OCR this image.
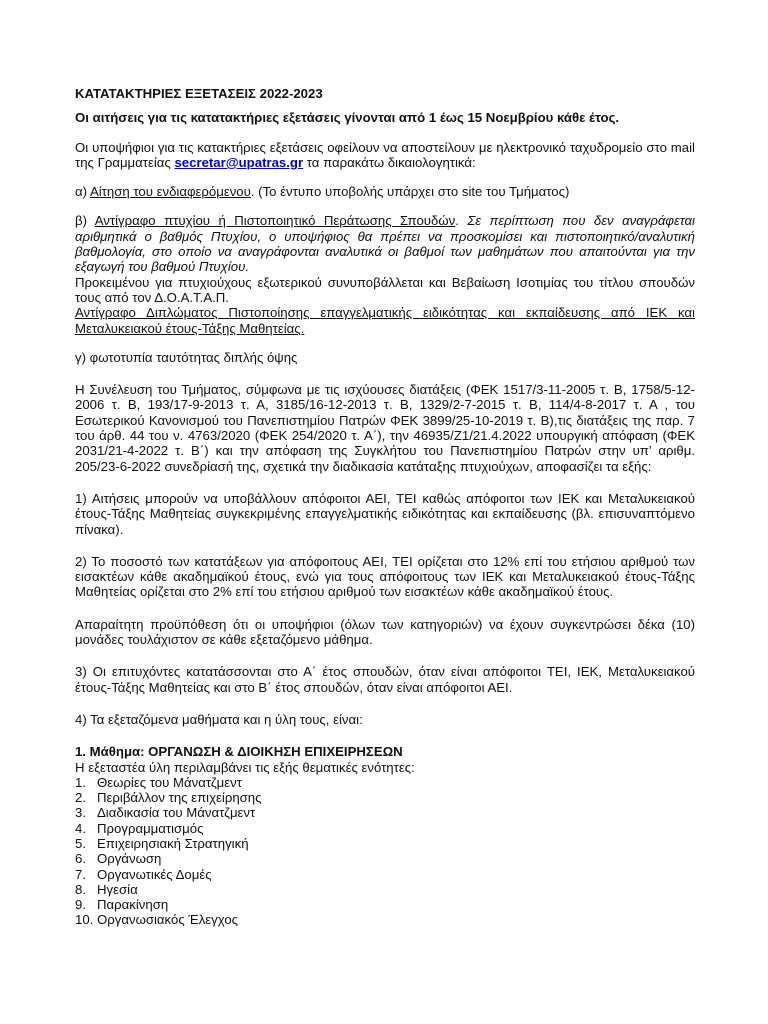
ΚΑΤΑΤΑΚΤΗΡΙΕΣ ΕΞΕΤΑΣΕΙΣ 2022-2023

Οι αιτήσεις για τις κατατακτήριες εξετάσεις γίνονται από 1 έως 15 Νοεμβρίου κάθε έτος.

Οι υποψήφιοι για τις κατακτήριες εξετάσεις οφείλουν να αποστείλουν με ηλεκτρονικό ταχυδρομείο στο mail της Γραμματείας secretar@upatras.gr τα παρακάτω δικαιολογητικά:

α) Αίτηση του ενδιαφερόμενου. (Το έντυπο υποβολής υπάρχει στο site του Τμήματος)

β) Αντίγραφο πτυχίου ή Πιστοποιητικό Περάτωσης Σπουδών. Σε περίπτωση που δεν αναγράφεται αριθμητικά ο βαθμός Πτυχίου, ο υποψήφιος θα πρέπει να προσκομίσει και πιστοποιητικό/αναλυτική βαθμολογία, στο οποίο να αναγράφονται αναλυτικά οι βαθμοί των μαθημάτων που απαιτούνται για την εξαγωγή του βαθμού Πτυχίου.

Προκειμένου για πτυχιούχους εξωτερικού συνυποβάλλεται και Βεβαίωση Ισοτιμίας του τίτλου σπουδών τους από τον Δ.Ο.Α.Τ.Α.Π.

Αντίγραφο Διπλώματος Πιστοποίησης επαγγελματικής ειδικότητας και εκπαίδευσης από ΙΕΚ και Μεταλυκειακού έτους-Τάξης Μαθητείας.

γ) φωτοτυπία ταυτότητας διπλής όψης

Η Συνέλευση του Τμήματος, σύμφωνα με τις ισχύουσες διατάξεις (ΦΕΚ 1517/3-11-2005 τ. Β, 1758/5-12-2006 τ. Β, 193/17-9-2013 τ. Α, 3185/16-12-2013 τ. Β, 1329/2-7-2015 τ. Β, 114/4-8-2017 τ. Α , του Εσωτερικού Κανονισμού του Πανεπιστημίου Πατρών ΦΕΚ 3899/25-10-2019 τ. Β),τις διατάξεις της παρ. 7 του άρθ. 44 του ν. 4763/2020 (ΦΕΚ 254/2020 τ. Α΄), την 46935/Ζ1/21.4.2022 υπουργική απόφαση (ΦΕΚ 2031/21-4-2022 τ. Β΄) και την απόφαση της Συγκλήτου του Πανεπιστημίου Πατρών στην υπ’ αριθμ. 205/23-6-2022 συνεδρίασή της, σχετικά την διαδικασία κατάταξης πτυχιούχων, αποφασίζει τα εξής:

1) Αιτήσεις μπορούν να υποβάλλουν απόφοιτοι ΑΕΙ, ΤΕΙ καθώς απόφοιτοι των ΙΕΚ και Μεταλυκειακού έτους-Τάξης Μαθητείας συγκεκριμένης επαγγελματικής ειδικότητας και εκπαίδευσης (βλ. επισυναπτόμενο πίνακα).

2) Το ποσοστό των κατατάξεων για απόφοιτους ΑΕΙ, ΤΕΙ ορίζεται στο 12% επί του ετήσιου αριθμού των εισακτέων κάθε ακαδημαϊκού έτους, ενώ για τους απόφοιτους των ΙΕΚ και Μεταλυκειακού έτους-Τάξης Μαθητείας ορίζεται στο 2% επί του ετήσιου αριθμού των εισακτέων κάθε ακαδημαϊκού έτους.

Απαραίτητη προϋπόθεση ότι οι υποψήφιοι (όλων των κατηγοριών) να έχουν συγκεντρώσει δέκα (10) μονάδες τουλάχιστον σε κάθε εξεταζόμενο μάθημα.

3) Οι επιτυχόντες κατατάσσονται στο Α΄ έτος σπουδών, όταν είναι απόφοιτοι ΤΕΙ, ΙΕΚ, Μεταλυκειακού έτους-Τάξης Μαθητείας και στο Β΄ έτος σπουδών, όταν είναι απόφοιτοι ΑΕΙ.

4) Τα εξεταζόμενα μαθήματα και η ύλη τους, είναι:

1. Μάθημα: ΟΡΓΑΝΩΣΗ & ΔΙΟΙΚΗΣΗ ΕΠΙΧΕΙΡΗΣΕΩΝ

Η εξεταστέα ύλη περιλαμβάνει τις εξής θεματικές ενότητες:

1. Θεωρίες του Μάνατζμεντ
2. Περιβάλλον της επιχείρησης
3. Διαδικασία του Μάνατζμεντ
4. Προγραμματισμός
5. Επιχειρησιακή Στρατηγική
6. Οργάνωση
7. Οργανωτικές Δομές
8. Ηγεσία
9. Παρακίνηση
10. Οργανωσιακός Έλεγχος
